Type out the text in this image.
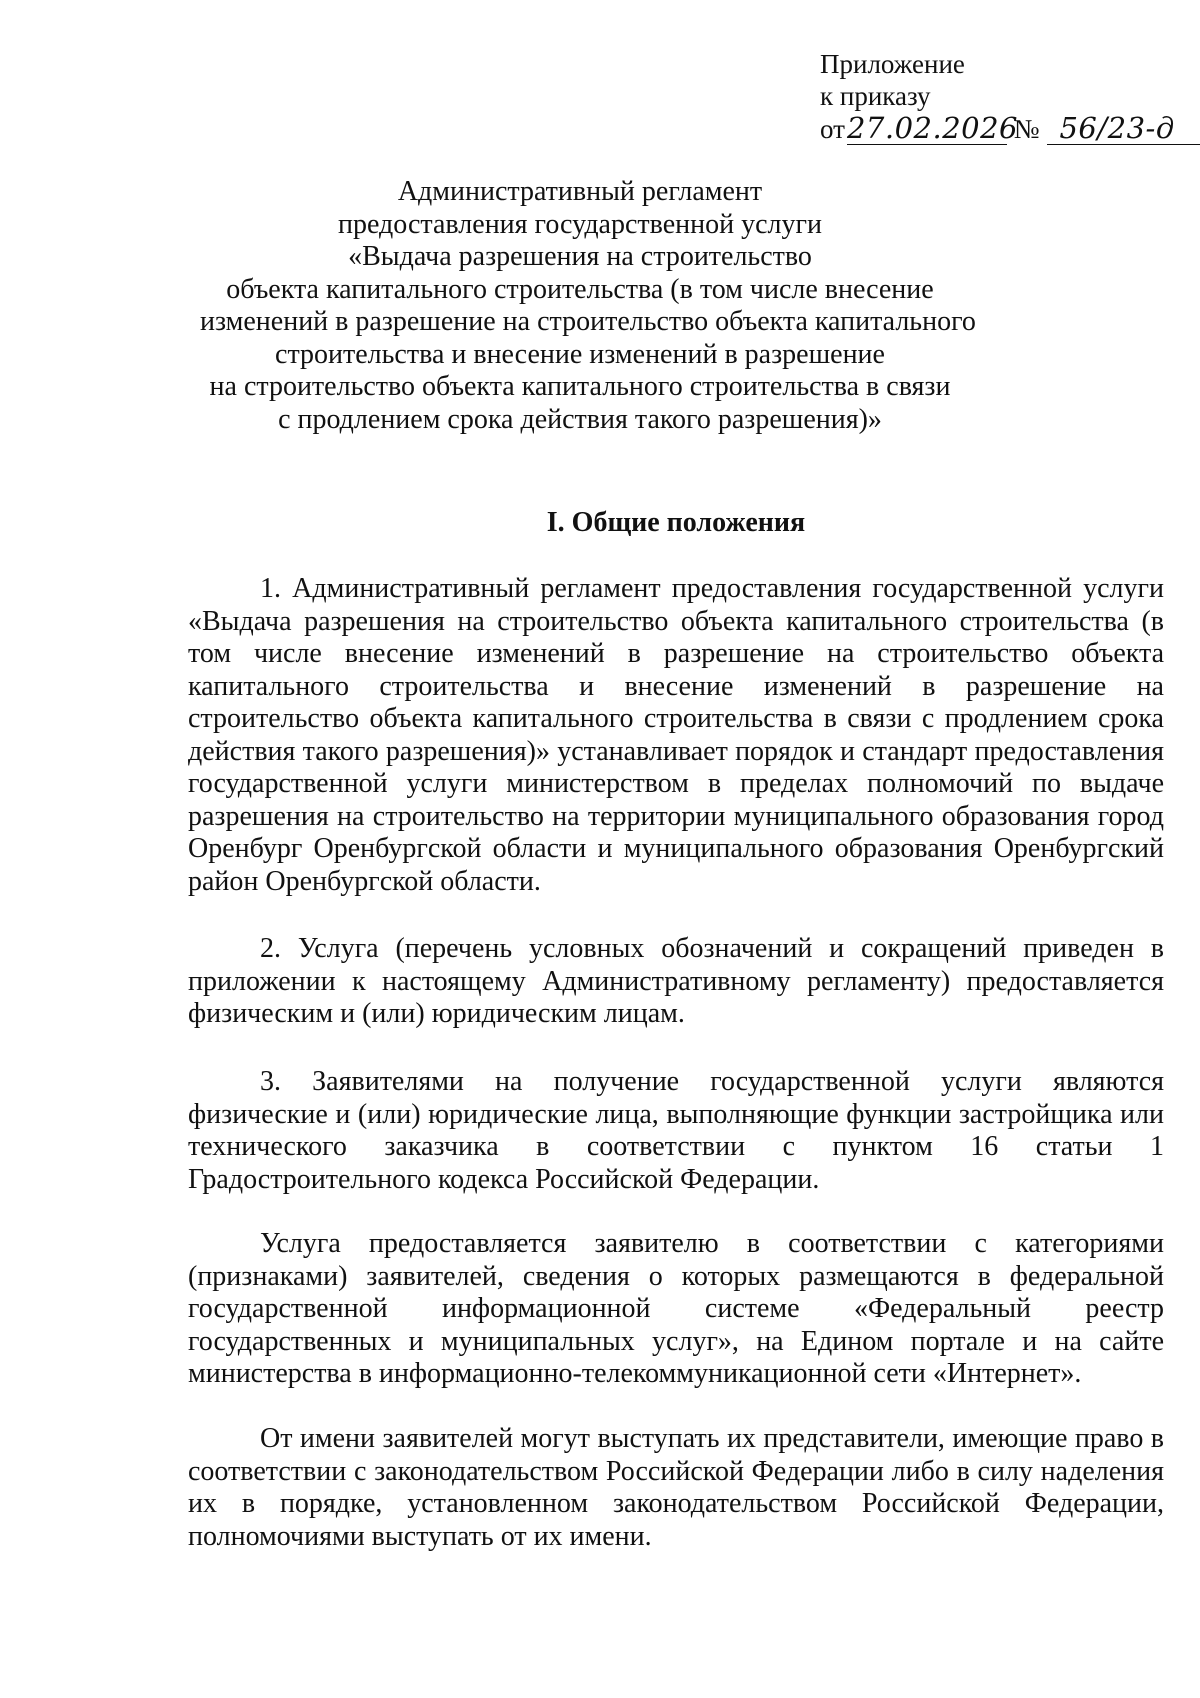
Приложение
к приказу
от27.02.2026 № 56/23-д
Административный регламент
предоставления государственной услуги
«Выдача разрешения на строительство
объекта капитального строительства (в том числе внесение
изменений в разрешение на строительство объекта капитального
строительства и внесение изменений в разрешение
на строительство объекта капитального строительства в связи
с продлением срока действия такого разрешения)»
I. Общие положения
1. Административный регламент предоставления государственной услуги «Выдача разрешения на строительство объекта капитального строительства (в том числе внесение изменений в разрешение на строительство объекта капитального строительства и внесение изменений в разрешение на строительство объекта капитального строительства в связи с продлением срока действия такого разрешения)» устанавливает порядок и стандарт предоставления государственной услуги министерством в пределах полномочий по выдаче разрешения на строительство на территории муниципального образования город Оренбург Оренбургской области и муниципального образования Оренбургский район Оренбургской области.
2. Услуга (перечень условных обозначений и сокращений приведен в приложении к настоящему Административному регламенту) предоставляется физическим и (или) юридическим лицам.
3. Заявителями на получение государственной услуги являются физические и (или) юридические лица, выполняющие функции застройщика или технического заказчика в соответствии с пунктом 16 статьи 1 Градостроительного кодекса Российской Федерации.
Услуга предоставляется заявителю в соответствии с категориями (признаками) заявителей, сведения о которых размещаются в федеральной государственной информационной системе «Федеральный реестр государственных и муниципальных услуг», на Едином портале и на сайте министерства в информационно-телекоммуникационной сети «Интернет».
От имени заявителей могут выступать их представители, имеющие право в соответствии с законодательством Российской Федерации либо в силу наделения их в порядке, установленном законодательством Российской Федерации, полномочиями выступать от их имени.
